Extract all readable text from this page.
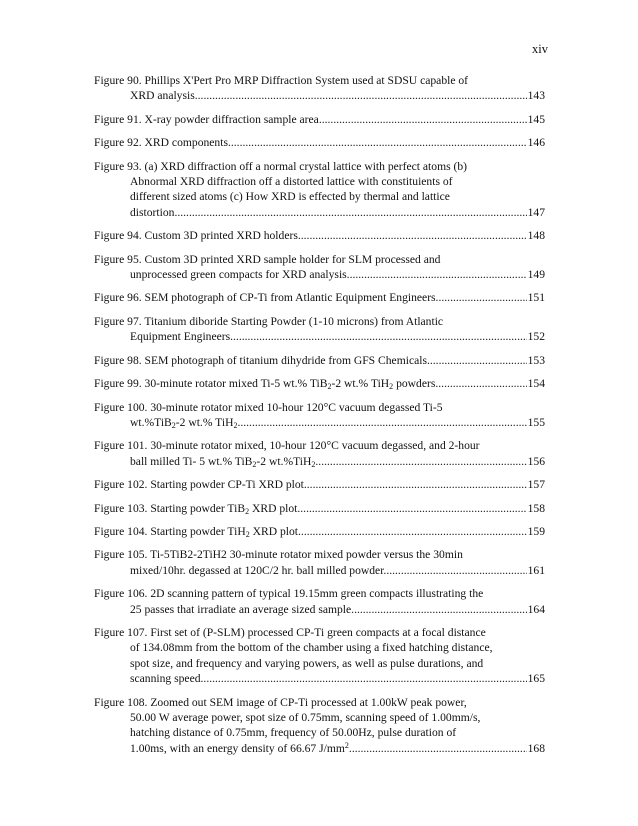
xiv
Figure 90. Phillips X'Pert Pro MRP Diffraction System used at SDSU capable of
XRD analysis. .....	143
Figure 91. X-ray powder diffraction sample area. .....	145
Figure 92. XRD components. .....	146
Figure 93. (a) XRD diffraction off a normal crystal lattice with perfect atoms (b)
Abnormal XRD diffraction off a distorted lattice with constituients of
different sized atoms (c) How XRD is effected by thermal and lattice
distortion. .....	147
Figure 94. Custom 3D printed XRD holders. .....	148
Figure 95. Custom 3D printed XRD sample holder for SLM processed and
unprocessed green compacts for XRD analysis. .....	149
Figure 96. SEM photograph of CP-Ti from Atlantic Equipment Engineers. .....	151
Figure 97. Titanium diboride Starting Powder (1-10 microns) from Atlantic
Equipment Engineers. .....	152
Figure 98. SEM photograph of titanium dihydride from GFS Chemicals. .....	153
Figure 99. 30-minute rotator mixed Ti-5 wt.% TiB$_2$-2 wt.% TiH$_2$ powders. .....	154
Figure 100. 30-minute rotator mixed 10-hour 120°C vacuum degassed Ti-5
wt.%TiB$_2$-2 wt.% TiH$_2$ .....	155
Figure 101. 30-minute rotator mixed, 10-hour 120°C vacuum degassed, and 2-hour
ball milled Ti- 5 wt.% TiB$_2$-2 wt.%TiH$_2$ .....	156
Figure 102. Starting powder CP-Ti XRD plot. .....	157
Figure 103. Starting powder TiB$_2$ XRD plot. .....	158
Figure 104. Starting powder TiH$_2$ XRD plot. .....	159
Figure 105. Ti-5TiB2-2TiH2 30-minute rotator mixed powder versus the 30min
mixed/10hr. degassed at 120C/2 hr. ball milled powder. .....	161
Figure 106. 2D scanning pattern of typical 19.15mm green compacts illustrating the
25 passes that irradiate an average sized sample. .....	164
Figure 107. First set of (P-SLM) processed CP-Ti green compacts at a focal distance
of 134.08mm from the bottom of the chamber using a fixed hatching distance,
spot size, and frequency and varying powers, as well as pulse durations, and
scanning speed. .....	165
Figure 108. Zoomed out SEM image of CP-Ti processed at 1.00kW peak power,
50.00 W average power, spot size of 0.75mm, scanning speed of 1.00mm/s,
hatching distance of 0.75mm, frequency of 50.00Hz, pulse duration of
1.00ms, with an energy density of 66.67 $J/mm^2$. .....	168
